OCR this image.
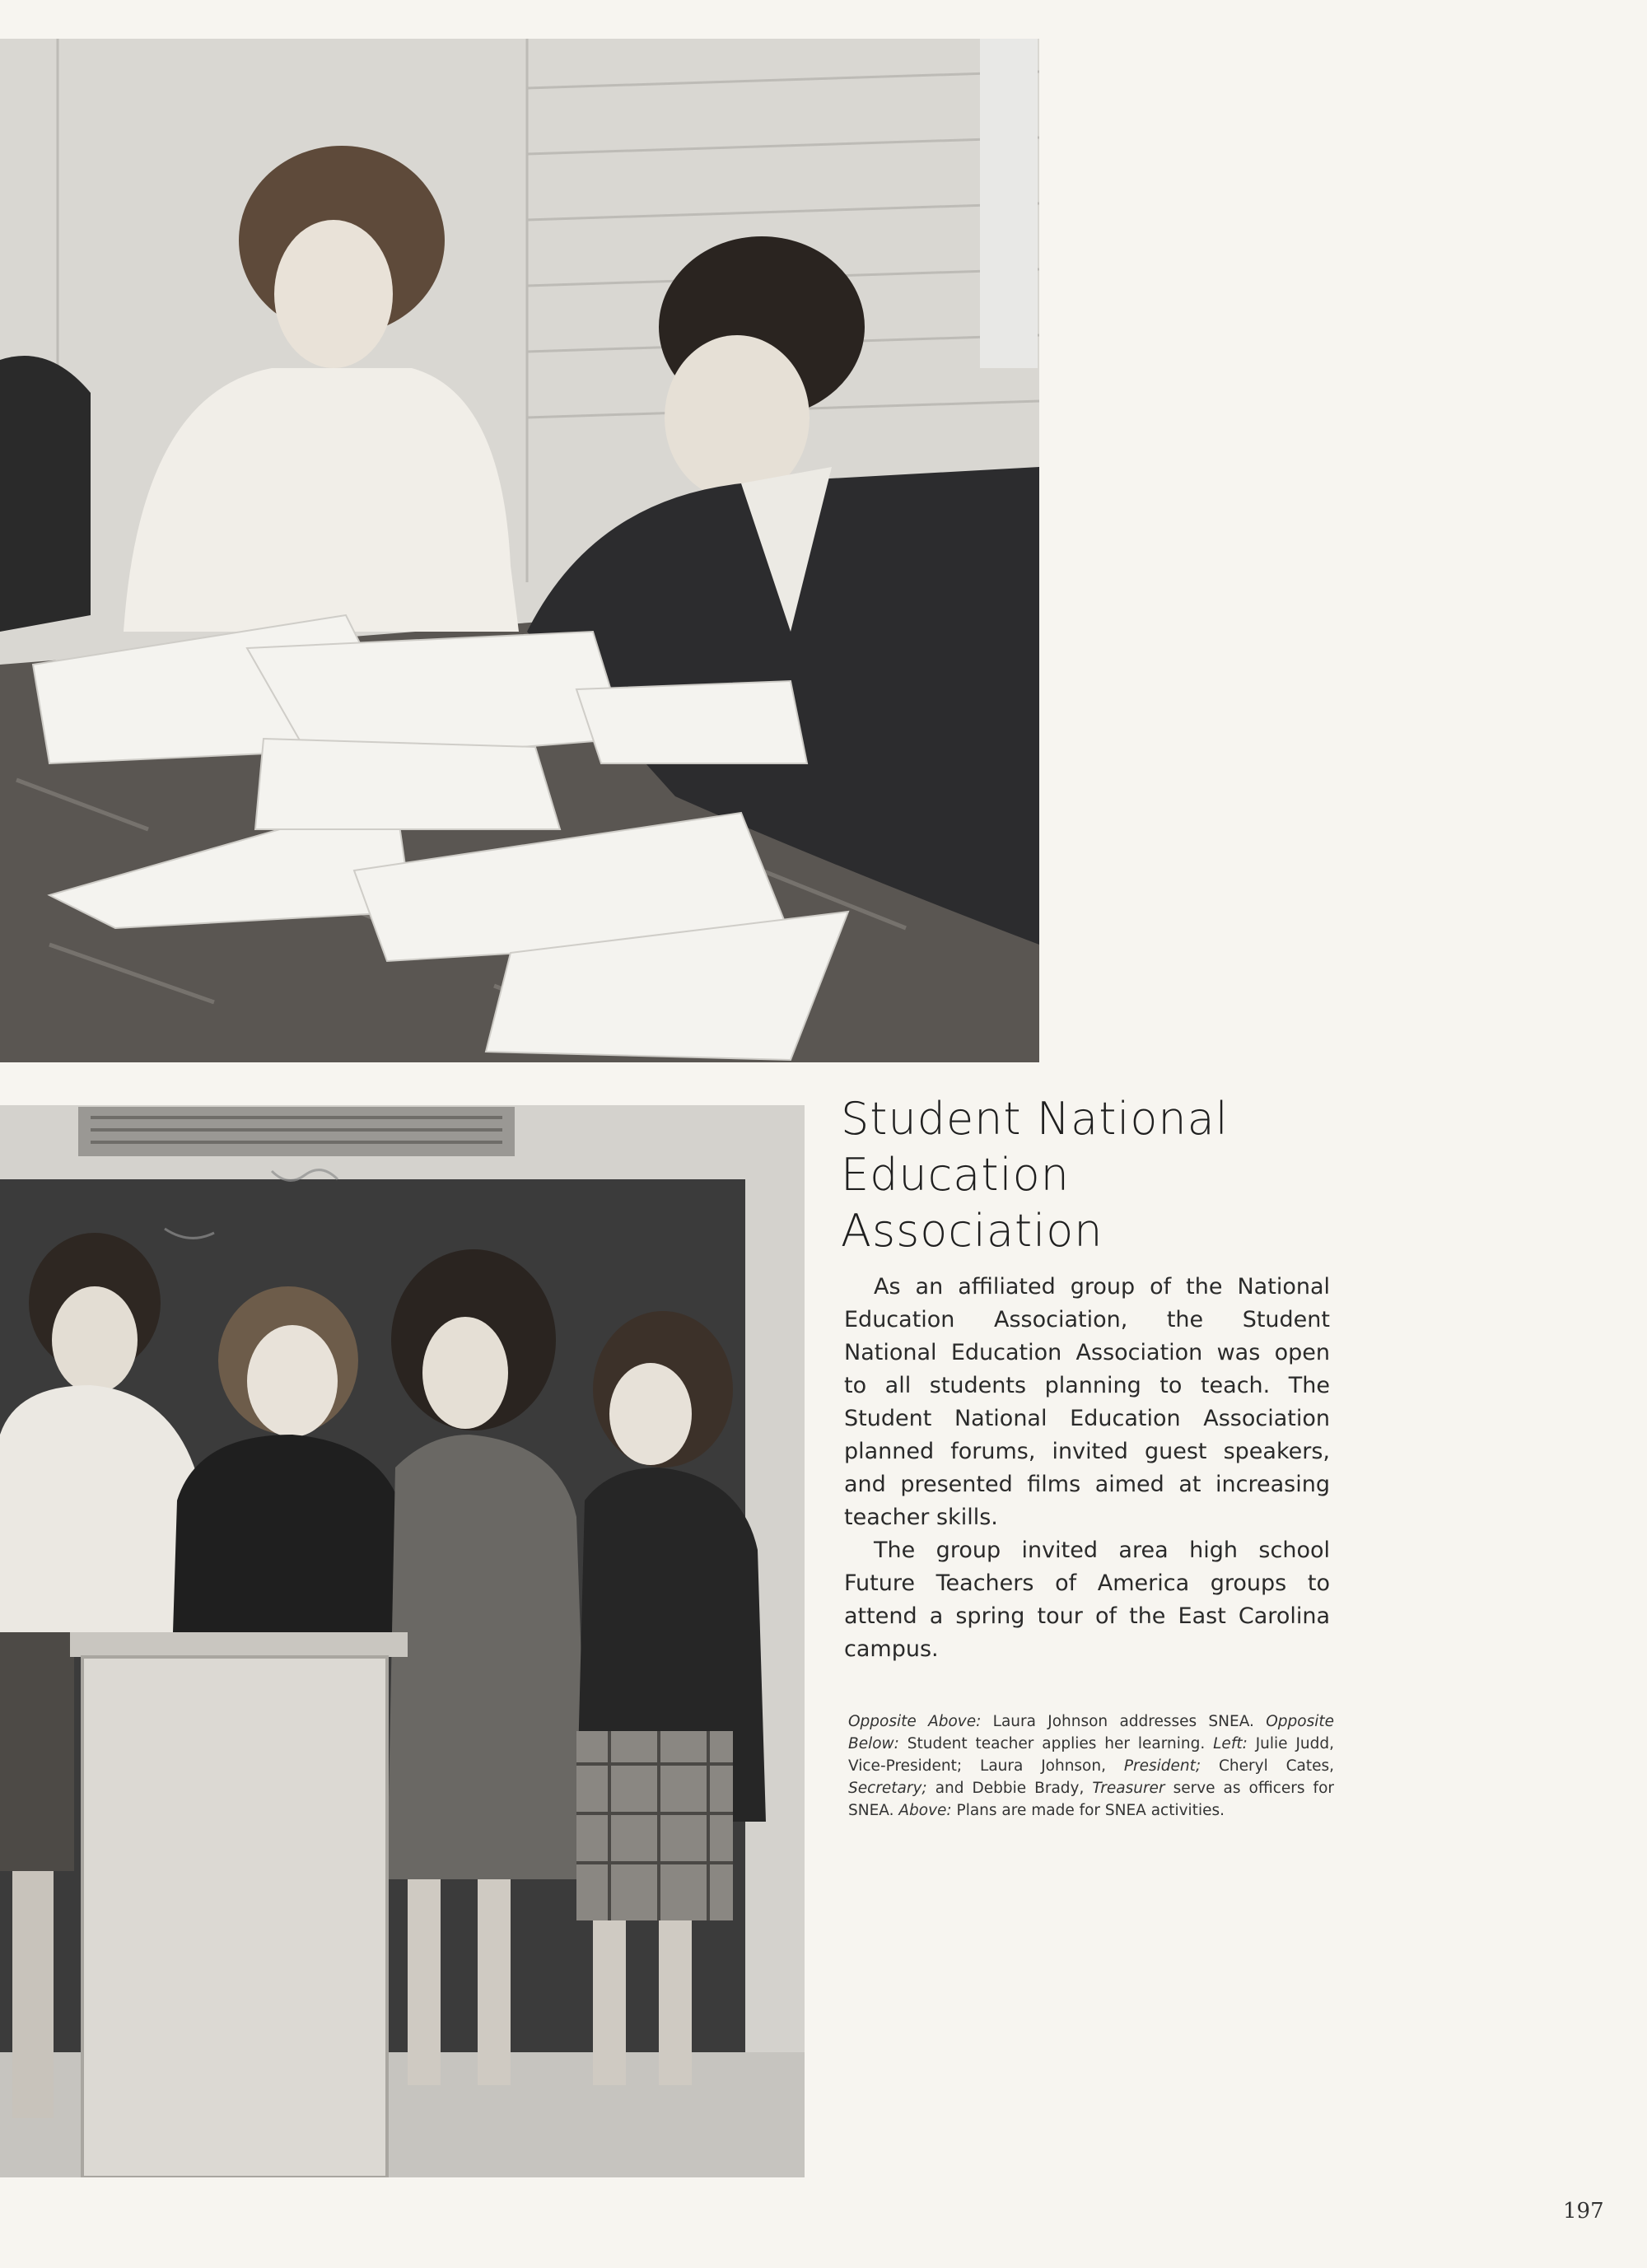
Student National
Education
Association

As an affiliated group of the National Education Association, the Student National Education Association was open to all students planning to teach. The Student National Education Association planned forums, invited guest speakers, and presented films aimed at increasing teacher skills.

The group invited area high school Future Teachers of America groups to attend a spring tour of the East Carolina campus.

Opposite Above: Laura Johnson addresses SNEA. Opposite Below: Student teacher applies her learning. Left: Julie Judd, Vice-President; Laura Johnson, President; Cheryl Cates, Secretary; and Debbie Brady, Treasurer serve as officers for SNEA. Above: Plans are made for SNEA activities.

197
